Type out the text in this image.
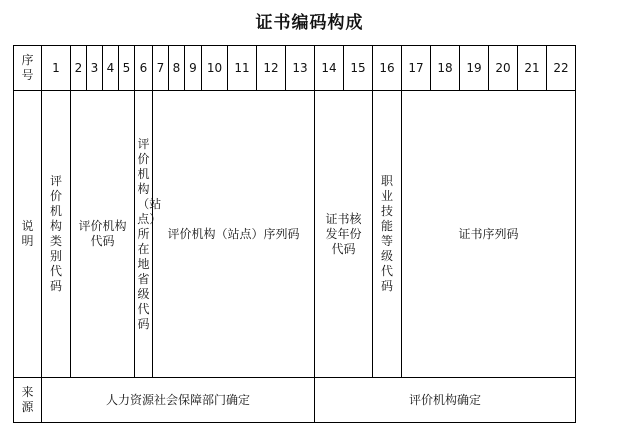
证书编码构成
序号	1	2	3	4	5	6	7	8	9	10	11	12	13	14	15	16	17	18	19	20	21	22
说明	评价机构类别代码	评价机构代码				评价机构（站点）所在地省级代码	评价机构（站点）序列码							证书核发年份代码		职业技能等级代码	证书序列码					
来源	人力资源社会保障部门确定													评价机构确定								
